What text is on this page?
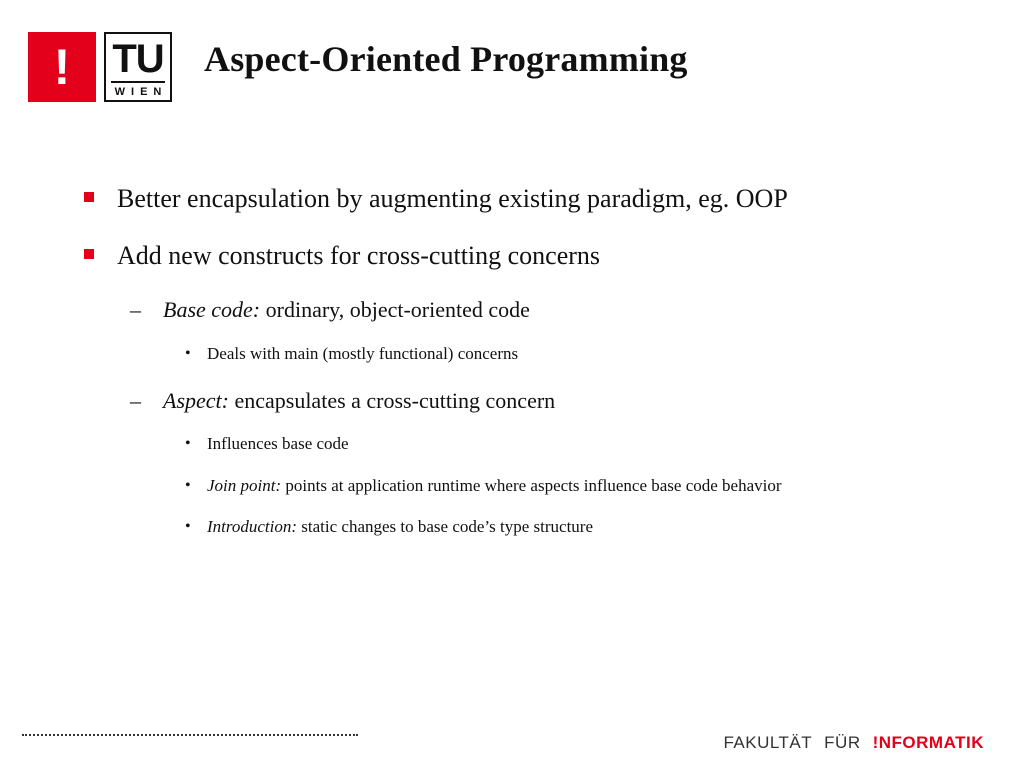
! TU
WIEN
Aspect-Oriented Programming
Better encapsulation by augmenting existing paradigm, eg. OOP
Add new constructs for cross-cutting concerns
– Base code: ordinary, object-oriented code
• Deals with main (mostly functional) concerns
– Aspect: encapsulates a cross-cutting concern
• Influences base code
• Join point: points at application runtime where aspects influence base code behavior
• Introduction: static changes to base code’s type structure
FAKULTÄT FÜR !NFORMATIK
